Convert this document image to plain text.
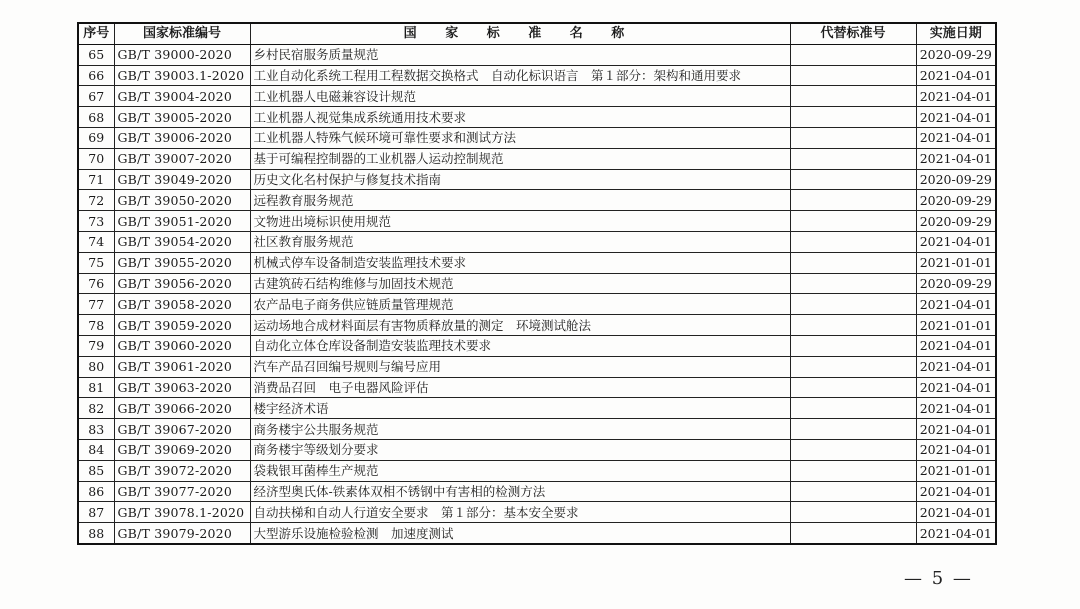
序号	国家标准编号	国 家 标 准 名 称	代替标准号	实施日期
65	GB/T 39000-2020	乡村民宿服务质量规范		2020-09-29
66	GB/T 39003.1-2020	工业自动化系统工程用工程数据交换格式　自动化标识语言　第１部分：架构和通用要求		2021-04-01
67	GB/T 39004-2020	工业机器人电磁兼容设计规范		2021-04-01
68	GB/T 39005-2020	工业机器人视觉集成系统通用技术要求		2021-04-01
69	GB/T 39006-2020	工业机器人特殊气候环境可靠性要求和测试方法		2021-04-01
70	GB/T 39007-2020	基于可编程控制器的工业机器人运动控制规范		2021-04-01
71	GB/T 39049-2020	历史文化名村保护与修复技术指南		2020-09-29
72	GB/T 39050-2020	远程教育服务规范		2020-09-29
73	GB/T 39051-2020	文物进出境标识使用规范		2020-09-29
74	GB/T 39054-2020	社区教育服务规范		2021-04-01
75	GB/T 39055-2020	机械式停车设备制造安装监理技术要求		2021-01-01
76	GB/T 39056-2020	古建筑砖石结构维修与加固技术规范		2020-09-29
77	GB/T 39058-2020	农产品电子商务供应链质量管理规范		2021-04-01
78	GB/T 39059-2020	运动场地合成材料面层有害物质释放量的测定　环境测试舱法		2021-01-01
79	GB/T 39060-2020	自动化立体仓库设备制造安装监理技术要求		2021-04-01
80	GB/T 39061-2020	汽车产品召回编号规则与编号应用		2021-04-01
81	GB/T 39063-2020	消费品召回　电子电器风险评估		2021-04-01
82	GB/T 39066-2020	楼宇经济术语		2021-04-01
83	GB/T 39067-2020	商务楼宇公共服务规范		2021-04-01
84	GB/T 39069-2020	商务楼宇等级划分要求		2021-04-01
85	GB/T 39072-2020	袋栽银耳菌棒生产规范		2021-01-01
86	GB/T 39077-2020	经济型奥氏体-铁素体双相不锈钢中有害相的检测方法		2021-04-01
87	GB/T 39078.1-2020	自动扶梯和自动人行道安全要求　第１部分：基本安全要求		2021-04-01
88	GB/T 39079-2020	大型游乐设施检验检测　加速度测试		2021-04-01
— 5 —
